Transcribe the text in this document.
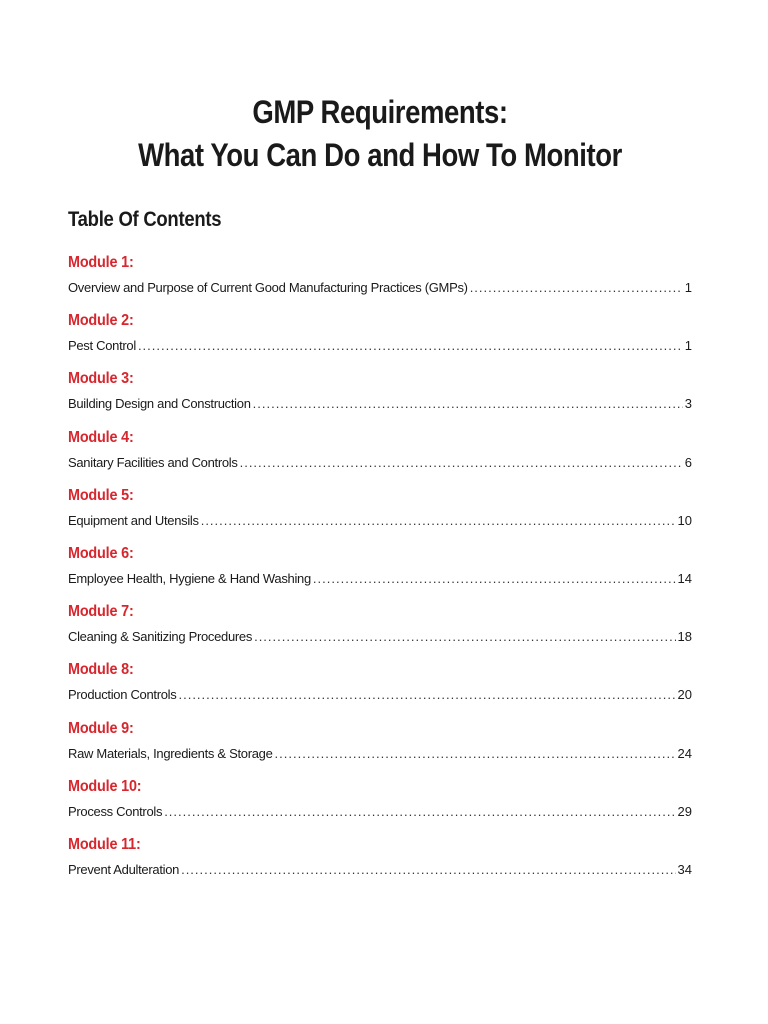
GMP Requirements:
What You Can Do and How To Monitor
Table Of Contents
Module 1:
Overview and Purpose of Current Good Manufacturing Practices (GMPs) .....	1
Module 2:
Pest Control .....	1
Module 3:
Building Design and Construction .....	3
Module 4:
Sanitary Facilities and Controls .....	6
Module 5:
Equipment and Utensils .....	10
Module 6:
Employee Health, Hygiene & Hand Washing .....	14
Module 7:
Cleaning & Sanitizing Procedures .....	18
Module 8:
Production Controls .....	20
Module 9:
Raw Materials, Ingredients & Storage .....	24
Module 10:
Process Controls .....	29
Module 11:
Prevent Adulteration .....	34
